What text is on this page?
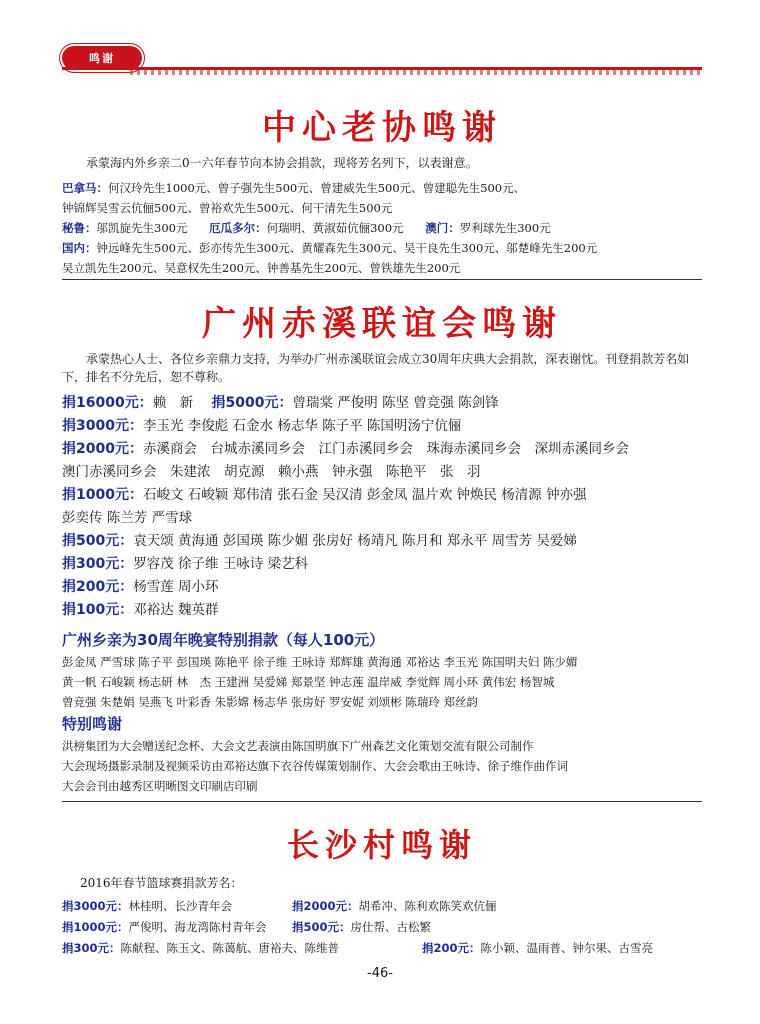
鸣谢
中心老协鸣谢

承蒙海内外乡亲二0一六年春节向本协会捐款，现将芳名列下，以表谢意。

巴拿马：何汉玲先生1000元、曾子强先生500元、曾建威先生500元、曾建聪先生500元、

钟锦辉吴雪云伉俪500元、曾裕欢先生500元、何干清先生500元

秘鲁：邬凯旋先生300元 厄瓜多尔：何瑞明、黄淑茹伉俪300元 澳门：罗利球先生300元

国内：钟远峰先生500元、彭亦传先生300元、黄耀森先生300元、吴干良先生300元、邬楚峰先生200元

吴立凯先生200元、吴意权先生200元、钟善基先生200元、曾铁雄先生200元

广州赤溪联谊会鸣谢

承蒙热心人士、各位乡亲鼎力支持，为举办广州赤溪联谊会成立30周年庆典大会捐款，深表谢忱。刊登捐款芳名如下，排名不分先后，恕不尊称。

捐16000元：赖　新 捐5000元：曾瑞棠 严俊明 陈坚 曾竞强 陈剑锋

捐3000元：李玉光 李俊彪 石金水 杨志华 陈子平 陈国明汤宁伉俪

捐2000元：赤溪商会　台城赤溪同乡会　江门赤溪同乡会　珠海赤溪同乡会　深圳赤溪同乡会

澳门赤溪同乡会　朱建浓　胡克源　赖小燕　钟永强　陈艳平　张　羽

捐1000元：石峻文 石峻颖 郑伟清 张石金 吴汉清 彭金凤 温片欢 钟焕民 杨清源 钟亦强

彭奕传 陈兰芳 严雪球

捐500元：袁天颂 黄海通 彭国瑛 陈少媚 张房好 杨靖凡 陈月和 郑永平 周雪芳 吴爱娣

捐300元：罗容茂 徐子维 王咏诗 梁艺科

捐200元：杨雪莲 周小环

捐100元：邓裕达 魏英群

广州乡亲为30周年晚宴特别捐款（每人100元）

彭金凤 严雪球 陈子平 彭国瑛 陈艳平 徐子维 王咏诗 郑辉雄 黄海通 邓裕达 李玉光 陈国明夫妇 陈少媚

黄一帆 石峻颖 杨志研 林　杰 王建洲 吴爱娣 郑景坚 钟志莲 温岸威 李觉辉 周小环 黄伟宏 杨智城

曾竞强 朱楚娟 吴燕飞 叶彩香 朱影嫦 杨志华 张房好 罗安妮 刘颂彬 陈瑞玲 郑丝韵

特别鸣谢

洪榜集团为大会赠送纪念杯、大会文艺表演由陈国明旗下广州森艺文化策划交流有限公司制作

大会现场摄影录制及视频采访由邓裕达旗下衣谷传媒策划制作、大会会歌由王咏诗、徐子维作曲作词

大会会刊由越秀区明晰图文印刷店印刷

长沙村鸣谢

2016年春节篮球赛捐款芳名：

捐3000元：林桂明、长沙青年会	捐2000元：胡希冲、陈利欢陈笑欢伉俪
捐1000元：严俊明、海龙湾陈村青年会	捐500元：房仕帮、古松繁
捐300元：陈献程、陈玉文、陈蔼航、唐裕夫、陈维普	捐200元：陈小颖、温雨普、钟尔果、古雪亮
-46-
